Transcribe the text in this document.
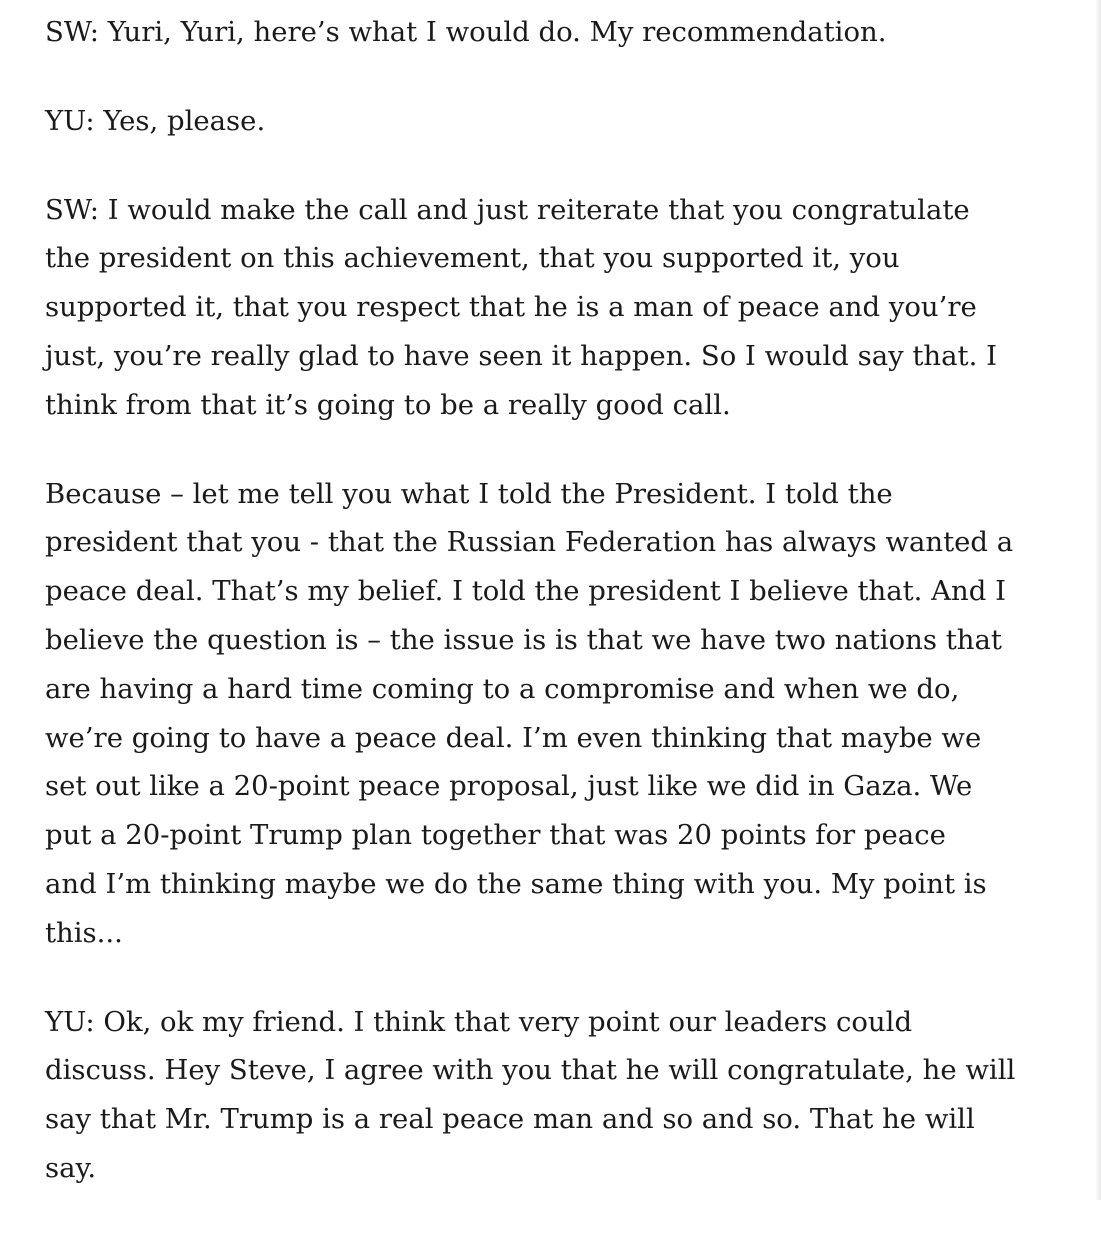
SW: Yuri, Yuri, here’s what I would do. My recommendation.

YU: Yes, please.

SW: I would make the call and just reiterate that you congratulate
the president on this achievement, that you supported it, you
supported it, that you respect that he is a man of peace and you’re
just, you’re really glad to have seen it happen. So I would say that. I
think from that it’s going to be a really good call.

Because – let me tell you what I told the President. I told the
president that you - that the Russian Federation has always wanted a
peace deal. That’s my belief. I told the president I believe that. And I
believe the question is – the issue is is that we have two nations that
are having a hard time coming to a compromise and when we do,
we’re going to have a peace deal. I’m even thinking that maybe we
set out like a 20-point peace proposal, just like we did in Gaza. We
put a 20-point Trump plan together that was 20 points for peace
and I’m thinking maybe we do the same thing with you. My point is
this...

YU: Ok, ok my friend. I think that very point our leaders could
discuss. Hey Steve, I agree with you that he will congratulate, he will
say that Mr. Trump is a real peace man and so and so. That he will
say.
